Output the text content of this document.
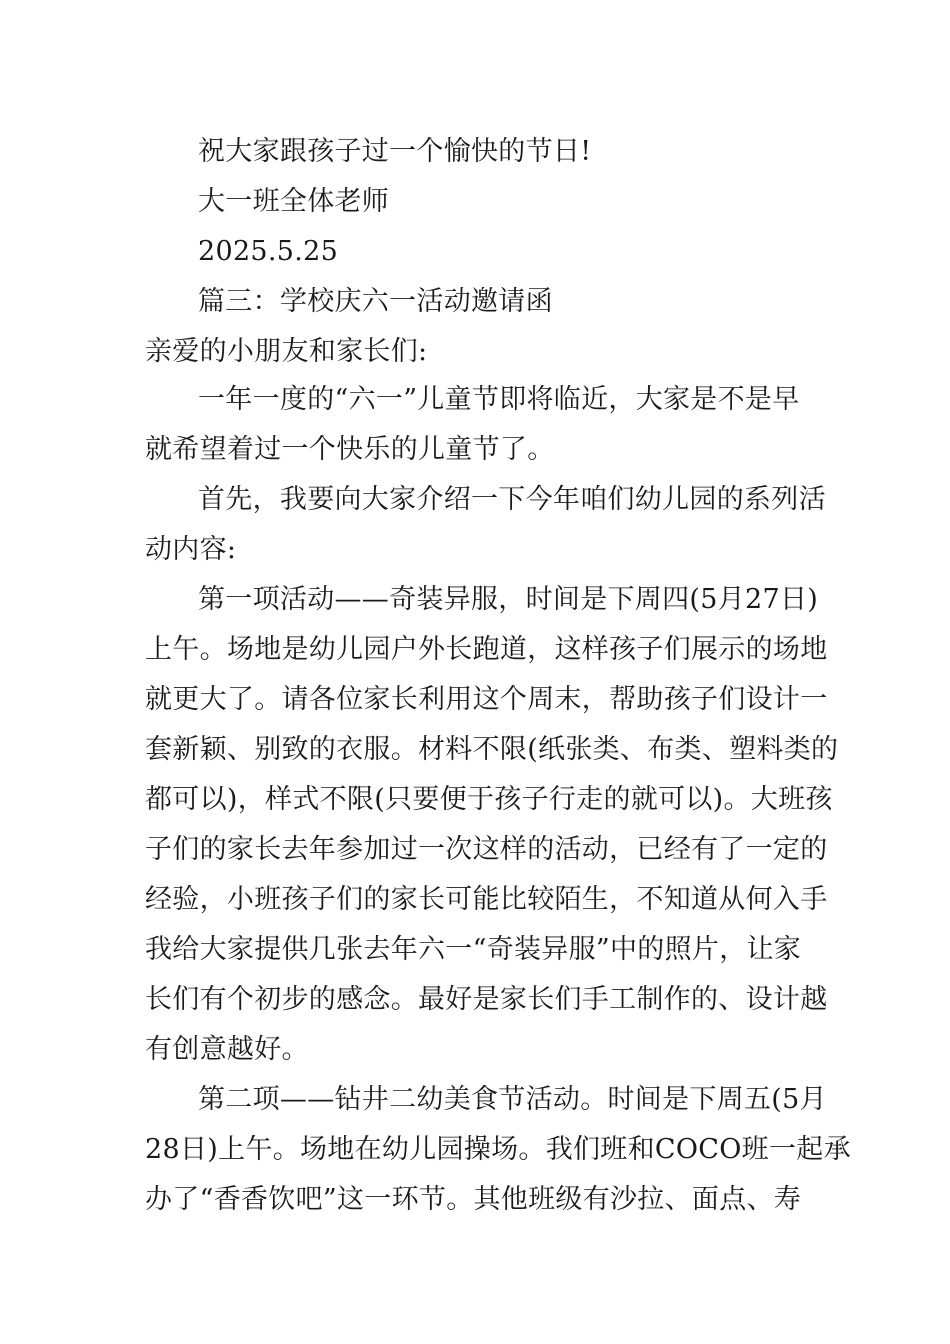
祝大家跟孩子过一个愉快的节日!
大一班全体老师
2025.5.25
篇三：学校庆六一活动邀请函
亲爱的小朋友和家长们:
一年一度的“六一”儿童节即将临近，大家是不是早
就希望着过一个快乐的儿童节了。
首先，我要向大家介绍一下今年咱们幼儿园的系列活
动内容:
第一项活动——奇装异服，时间是下周四(5月27日)
上午。场地是幼儿园户外长跑道，这样孩子们展示的场地
就更大了。请各位家长利用这个周末，帮助孩子们设计一
套新颖、别致的衣服。材料不限(纸张类、布类、塑料类的
都可以)，样式不限(只要便于孩子行走的就可以)。大班孩
子们的家长去年参加过一次这样的活动，已经有了一定的
经验，小班孩子们的家长可能比较陌生，不知道从何入手
我给大家提供几张去年六一“奇装异服”中的照片，让家
长们有个初步的感念。最好是家长们手工制作的、设计越
有创意越好。
第二项——钻井二幼美食节活动。时间是下周五(5月
28日)上午。场地在幼儿园操场。我们班和COCO班一起承
办了“香香饮吧”这一环节。其他班级有沙拉、面点、寿
